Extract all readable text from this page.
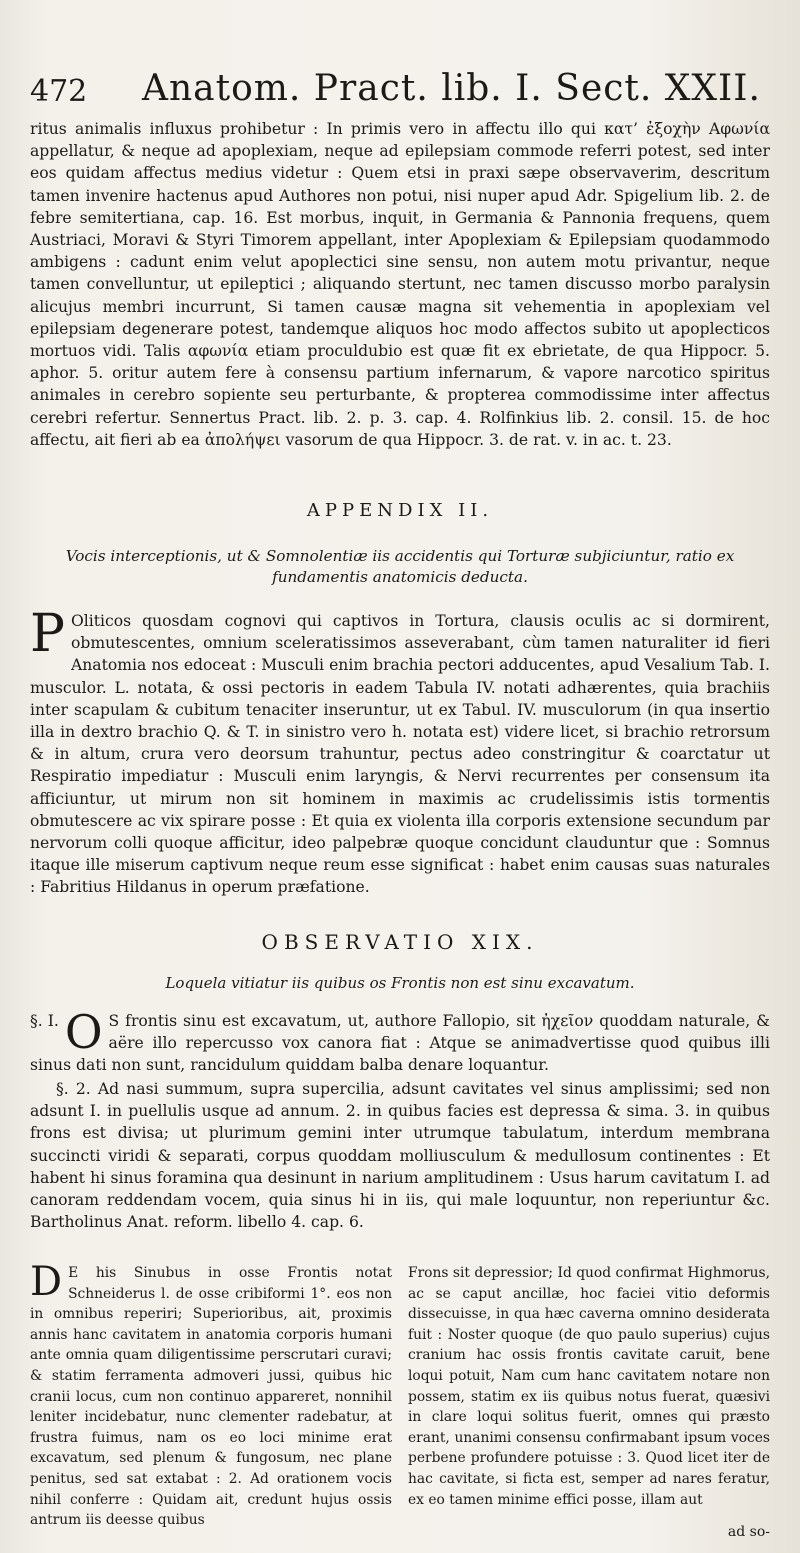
472 Anatom. Pract. lib. I. Sect. XXII.

ritus animalis influxus prohibetur : In primis vero in affectu illo qui κατ’ ἐξοχὴν Αφωνία appellatur, & neque ad apoplexiam, neque ad epilepsiam commode referri potest, sed inter eos quidam affectus medius videtur : Quem etsi in praxi sæpe observaverim, descritum tamen invenire hactenus apud Authores non potui, nisi nuper apud Adr. Spigelium lib. 2. de febre semitertiana, cap. 16. Est morbus, inquit, in Germania & Pannonia frequens, quem Austriaci, Moravi & Styri Timorem appellant, inter Apoplexiam & Epilepsiam quodammodo ambigens : cadunt enim velut apoplectici sine sensu, non autem motu privantur, neque tamen convelluntur, ut epileptici ; aliquando stertunt, nec tamen discusso morbo paralysin alicujus membri incurrunt, Si tamen causæ magna sit vehementia in apoplexiam vel epilepsiam degenerare potest, tandemque aliquos hoc modo affectos subito ut apoplecticos mortuos vidi. Talis αφωνία etiam proculdubio est quæ fit ex ebrietate, de qua Hippocr. 5. aphor. 5. oritur autem fere à consensu partium infernarum, & vapore narcotico spiritus animales in cerebro sopiente seu perturbante, & propterea commodissime inter affectus cerebri refertur. Sennertus Pract. lib. 2. p. 3. cap. 4. Rolfinkius lib. 2. consil. 15. de hoc affectu, ait fieri ab ea ἀπολήψει vasorum de qua Hippocr. 3. de rat. v. in ac. t. 23.

APPENDIX II.
Vocis interceptionis, ut & Somnolentiæ iis accidentis qui Torturæ subjiciuntur, ratio ex fundamentis anatomicis deducta.
P Oliticos quosdam cognovi qui captivos in Tortura, clausis oculis ac si dormirent, obmutescentes, omnium sceleratissimos asseverabant, cùm tamen naturaliter id fieri Anatomia nos edoceat : Musculi enim brachia pectori adducentes, apud Vesalium Tab. I. musculor. L. notata, & ossi pectoris in eadem Tabula IV. notati adhærentes, quia brachiis inter scapulam & cubitum tenaciter inseruntur, ut ex Tabul. IV. musculorum (in qua insertio illa in dextro brachio Q. & T. in sinistro vero h. notata est) videre licet, si brachio retrorsum & in altum, crura vero deorsum trahuntur, pectus adeo constringitur & coarctatur ut Respiratio impediatur : Musculi enim laryngis, & Nervi recurrentes per consensum ita afficiuntur, ut mirum non sit hominem in maximis ac crudelissimis istis tormentis obmutescere ac vix spirare posse : Et quia ex violenta illa corporis extensione secundum par nervorum colli quoque afficitur, ideo palpebræ quoque concidunt clauduntur que : Somnus itaque ille miserum captivum neque reum esse significat : habet enim causas suas naturales : Fabritius Hildanus in operum præfatione.
OBSERVATIO XIX.
Loquela vitiatur iis quibus os Frontis non est sinu excavatum.
§. I. O S frontis sinu est excavatum, ut, authore Fallopio, sit ἠχεῖον quoddam naturale, & aëre illo repercusso vox canora fiat : Atque se animadvertisse quod quibus illi sinus dati non sunt, rancidulum quiddam balba denare loquantur.

§. 2. Ad nasi summum, supra supercilia, adsunt cavitates vel sinus amplissimi; sed non adsunt I. in puellulis usque ad annum. 2. in quibus facies est depressa & sima. 3. in quibus frons est divisa; ut plurimum gemini inter utrumque tabulatum, interdum membrana succincti viridi & separati, corpus quoddam molliusculum & medullosum continentes : Et habent hi sinus foramina qua desinunt in narium amplitudinem : Usus harum cavitatum I. ad canoram reddendam vocem, quia sinus hi in iis, qui male loquuntur, non reperiuntur &c. Bartholinus Anat. reform. libello 4. cap. 6.

D E his Sinubus in osse Frontis notat Schneiderus l. de osse cribiformi 1°. eos non in omnibus reperiri; Superioribus, ait, proximis annis hanc cavitatem in anatomia corporis humani ante omnia quam diligentissime perscrutari curavi; & statim ferramenta admoveri jussi, quibus hic cranii locus, cum non continuo appareret, nonnihil leniter incidebatur, nunc clementer radebatur, at frustra fuimus, nam os eo loci minime erat excavatum, sed plenum & fungosum, nec plane penitus, sed sat extabat : 2. Ad orationem vocis nihil conferre : Quidam ait, credunt hujus ossis antrum iis deesse quibus

Frons sit depressior; Id quod confirmat Highmorus, ac se caput ancillæ, hoc faciei vitio deformis dissecuisse, in qua hæc caverna omnino desiderata fuit : Noster quoque (de quo paulo superius) cujus cranium hac ossis frontis cavitate caruit, bene loqui potuit, Nam cum hanc cavitatem notare non possem, statim ex iis quibus notus fuerat, quæsivi in clare loqui solitus fuerit, omnes qui præsto erant, unanimi consensu confirmabant ipsum voces perbene profundere potuisse : 3. Quod licet iter de hac cavitate, si ficta est, semper ad nares feratur, ex eo tamen minime effici posse, illam aut

ad so-
